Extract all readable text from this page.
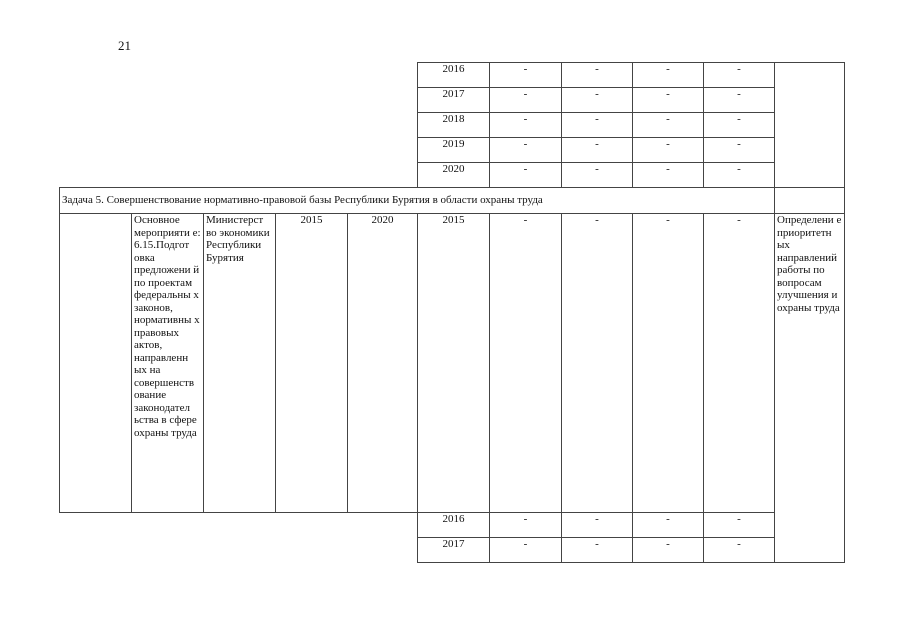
21
					2016	-	-	-	-	
					2017	-	-	-	-	
					2018	-	-	-	-	
					2019	-	-	-	-	
					2020	-	-	-	-	
Задача 5. Совершенствование нормативно-правовой базы Республики Бурятия в области охраны труда										
	Основное мероприяти е: 6.15.Подгот овка предложени й по проектам федеральны х законов, нормативны х правовых актов, направленн ых на совершенств ование законодател ьства в сфере охраны труда	Министерст во экономики Республики Бурятия	2015	2020	2015	-	-	-	-	Определени е приоритетн ых направлений работы по вопросам улучшения и охраны труда
					2016	-	-	-	-	
					2017	-	-	-	-	
